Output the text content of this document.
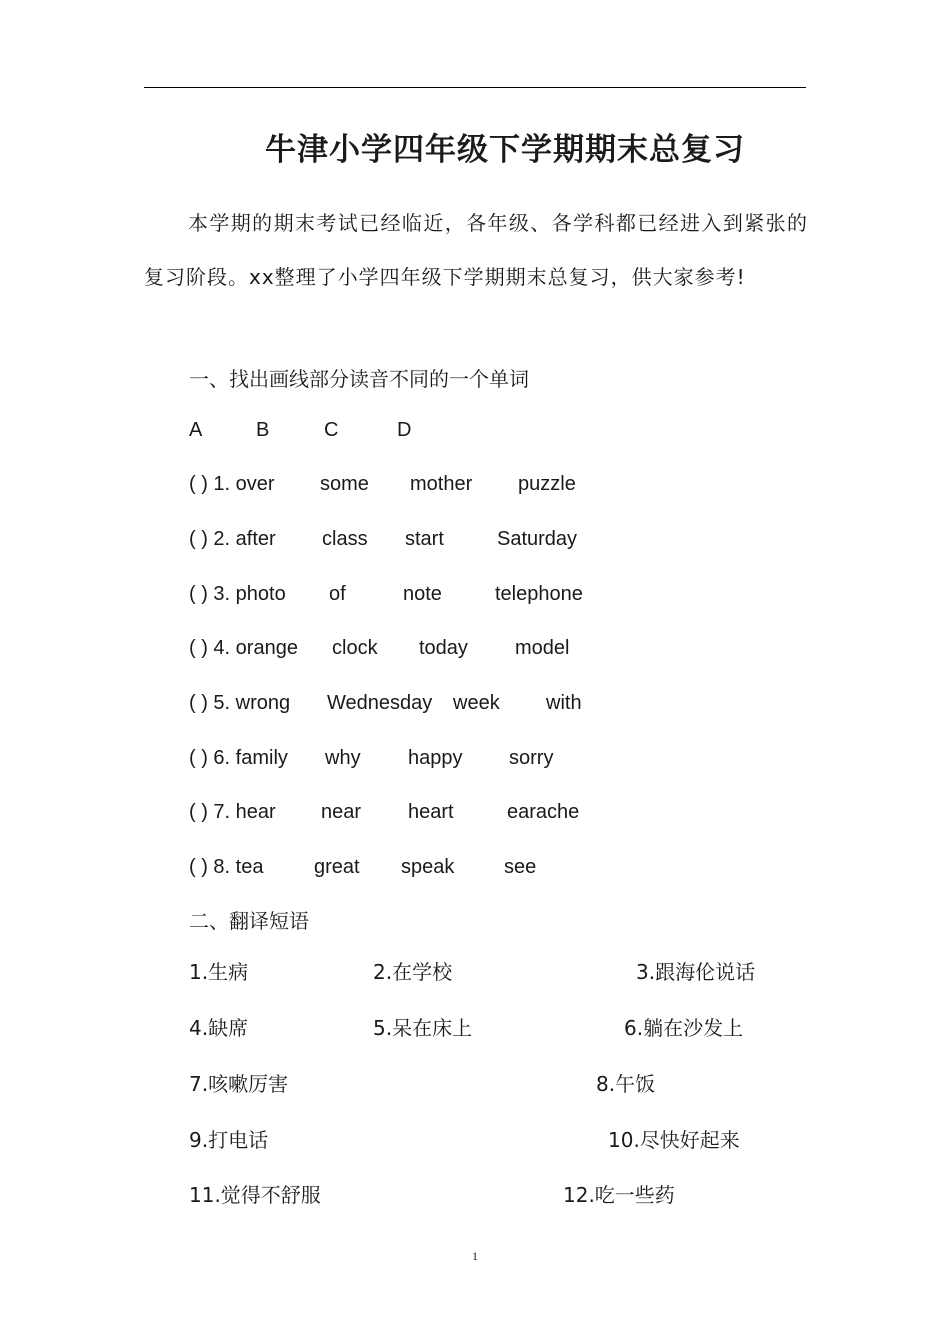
牛津小学四年级下学期期末总复习
本学期的期末考试已经临近，各年级、各学科都已经进入到紧张的复习阶段。xx整理了小学四年级下学期期末总复习，供大家参考!
一、找出画线部分读音不同的一个单词
A	B	C	D
( ) 1. over some mother puzzle
( ) 2. after class start	Saturday
( ) 3. photo of	note	telephone
( ) 4. orange clock today model
( ) 5. wrong Wednesday week with
( ) 6. family why happy sorry
( ) 7. hear near heart	earache
( ) 8. tea	great speak see
二、翻译短语
1.生病	2.在学校	3.跟海伦说话
4.缺席	5.呆在床上	6.躺在沙发上
7.咳嗽厉害	8.午饭
9.打电话	10.尽快好起来
11.觉得不舒服	12.吃一些药
1
